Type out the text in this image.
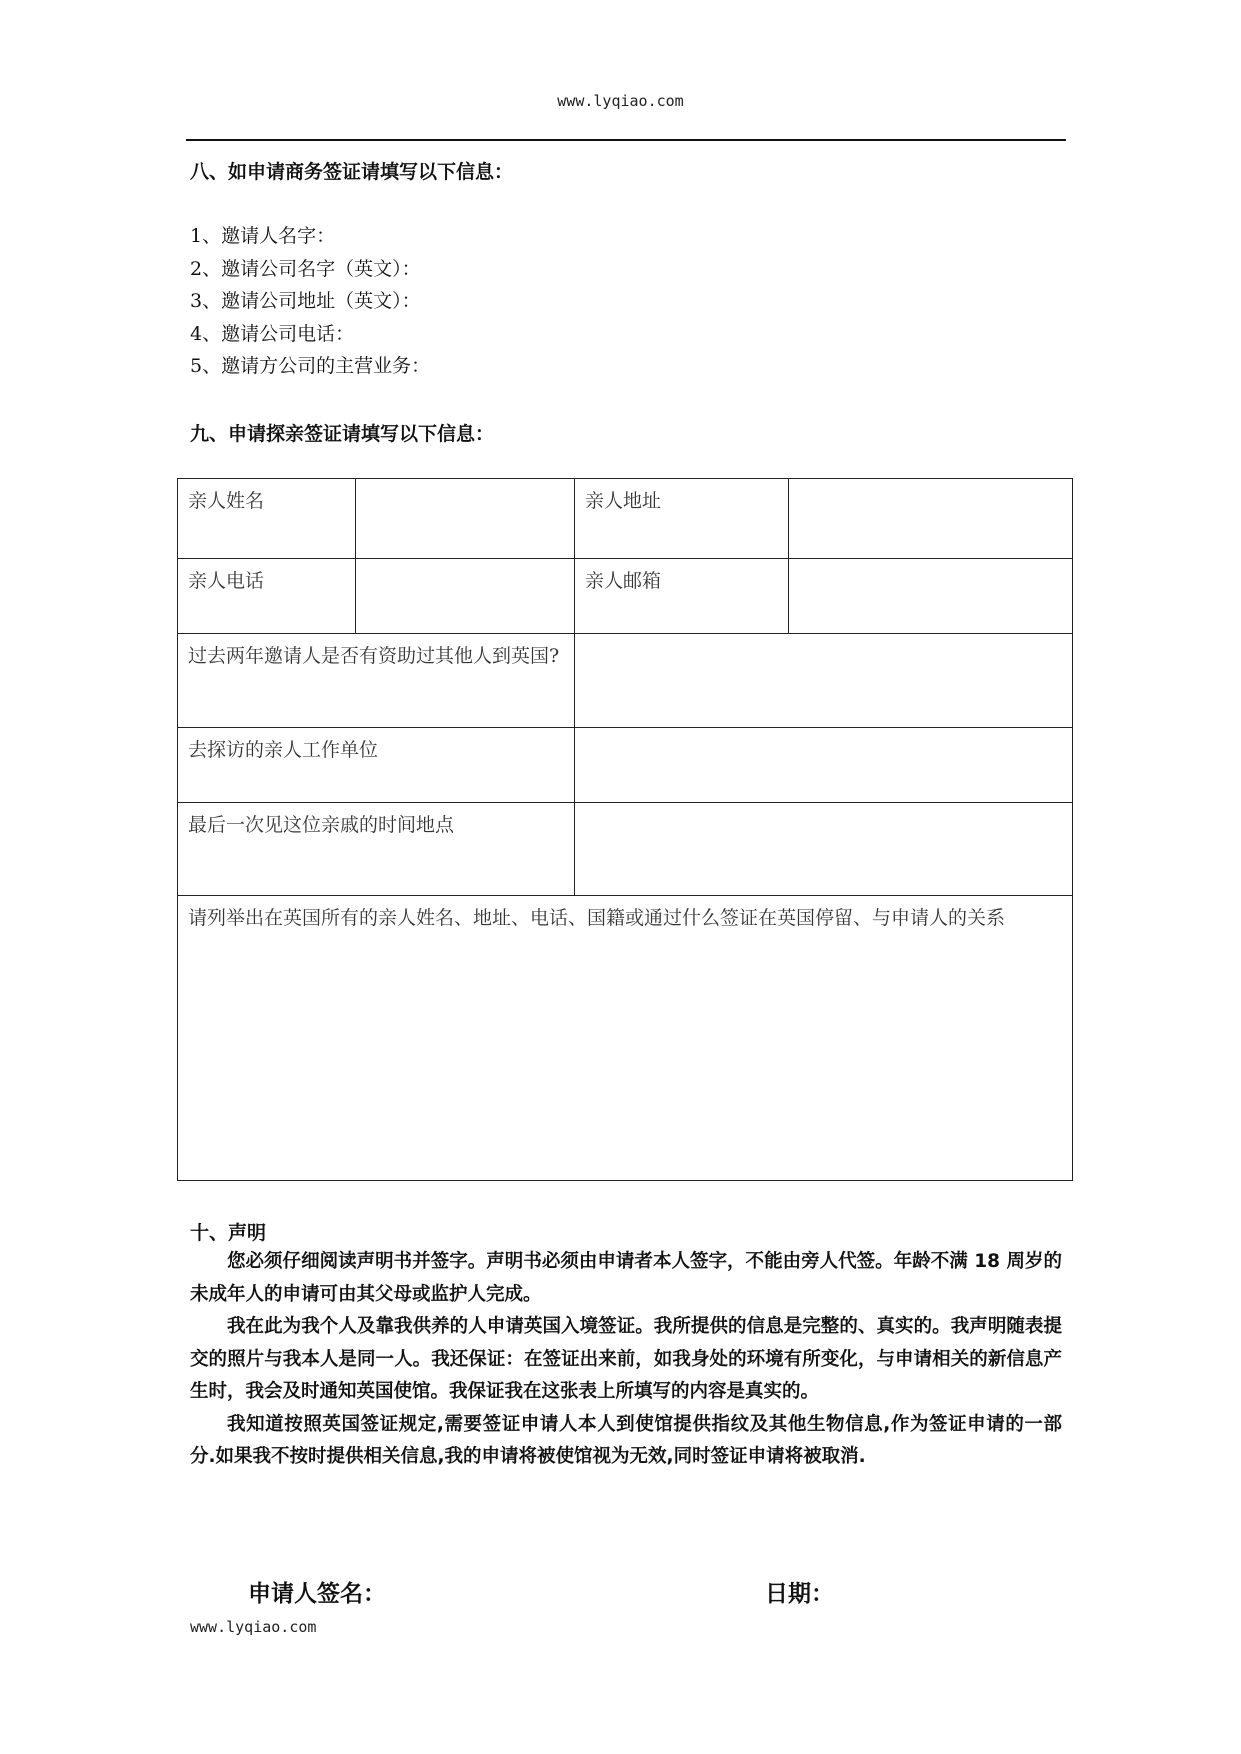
www.lyqiao.com
八、如申请商务签证请填写以下信息：
1、邀请人名字：
2、邀请公司名字（英文）：
3、邀请公司地址（英文）：
4、邀请公司电话：
5、邀请方公司的主营业务：
九、申请探亲签证请填写以下信息：
亲人姓名		亲人地址	
亲人电话		亲人邮箱	
过去两年邀请人是否有资助过其他人到英国?			
去探访的亲人工作单位			
最后一次见这位亲戚的时间地点			
请列举出在英国所有的亲人姓名、地址、电话、国籍或通过什么签证在英国停留、与申请人的关系			
十、声明

您必须仔细阅读声明书并签字。声明书必须由申请者本人签字，不能由旁人代签。年龄不满 18 周岁的未成年人的申请可由其父母或监护人完成。

我在此为我个人及靠我供养的人申请英国入境签证。我所提供的信息是完整的、真实的。我声明随表提交的照片与我本人是同一人。我还保证：在签证出来前，如我身处的环境有所变化，与申请相关的新信息产生时，我会及时通知英国使馆。我保证我在这张表上所填写的内容是真实的。

我知道按照英国签证规定,需要签证申请人本人到使馆提供指纹及其他生物信息,作为签证申请的一部分.如果我不按时提供相关信息,我的申请将被使馆视为无效,同时签证申请将被取消.

申请人签名：	日期：
www.lyqiao.com
